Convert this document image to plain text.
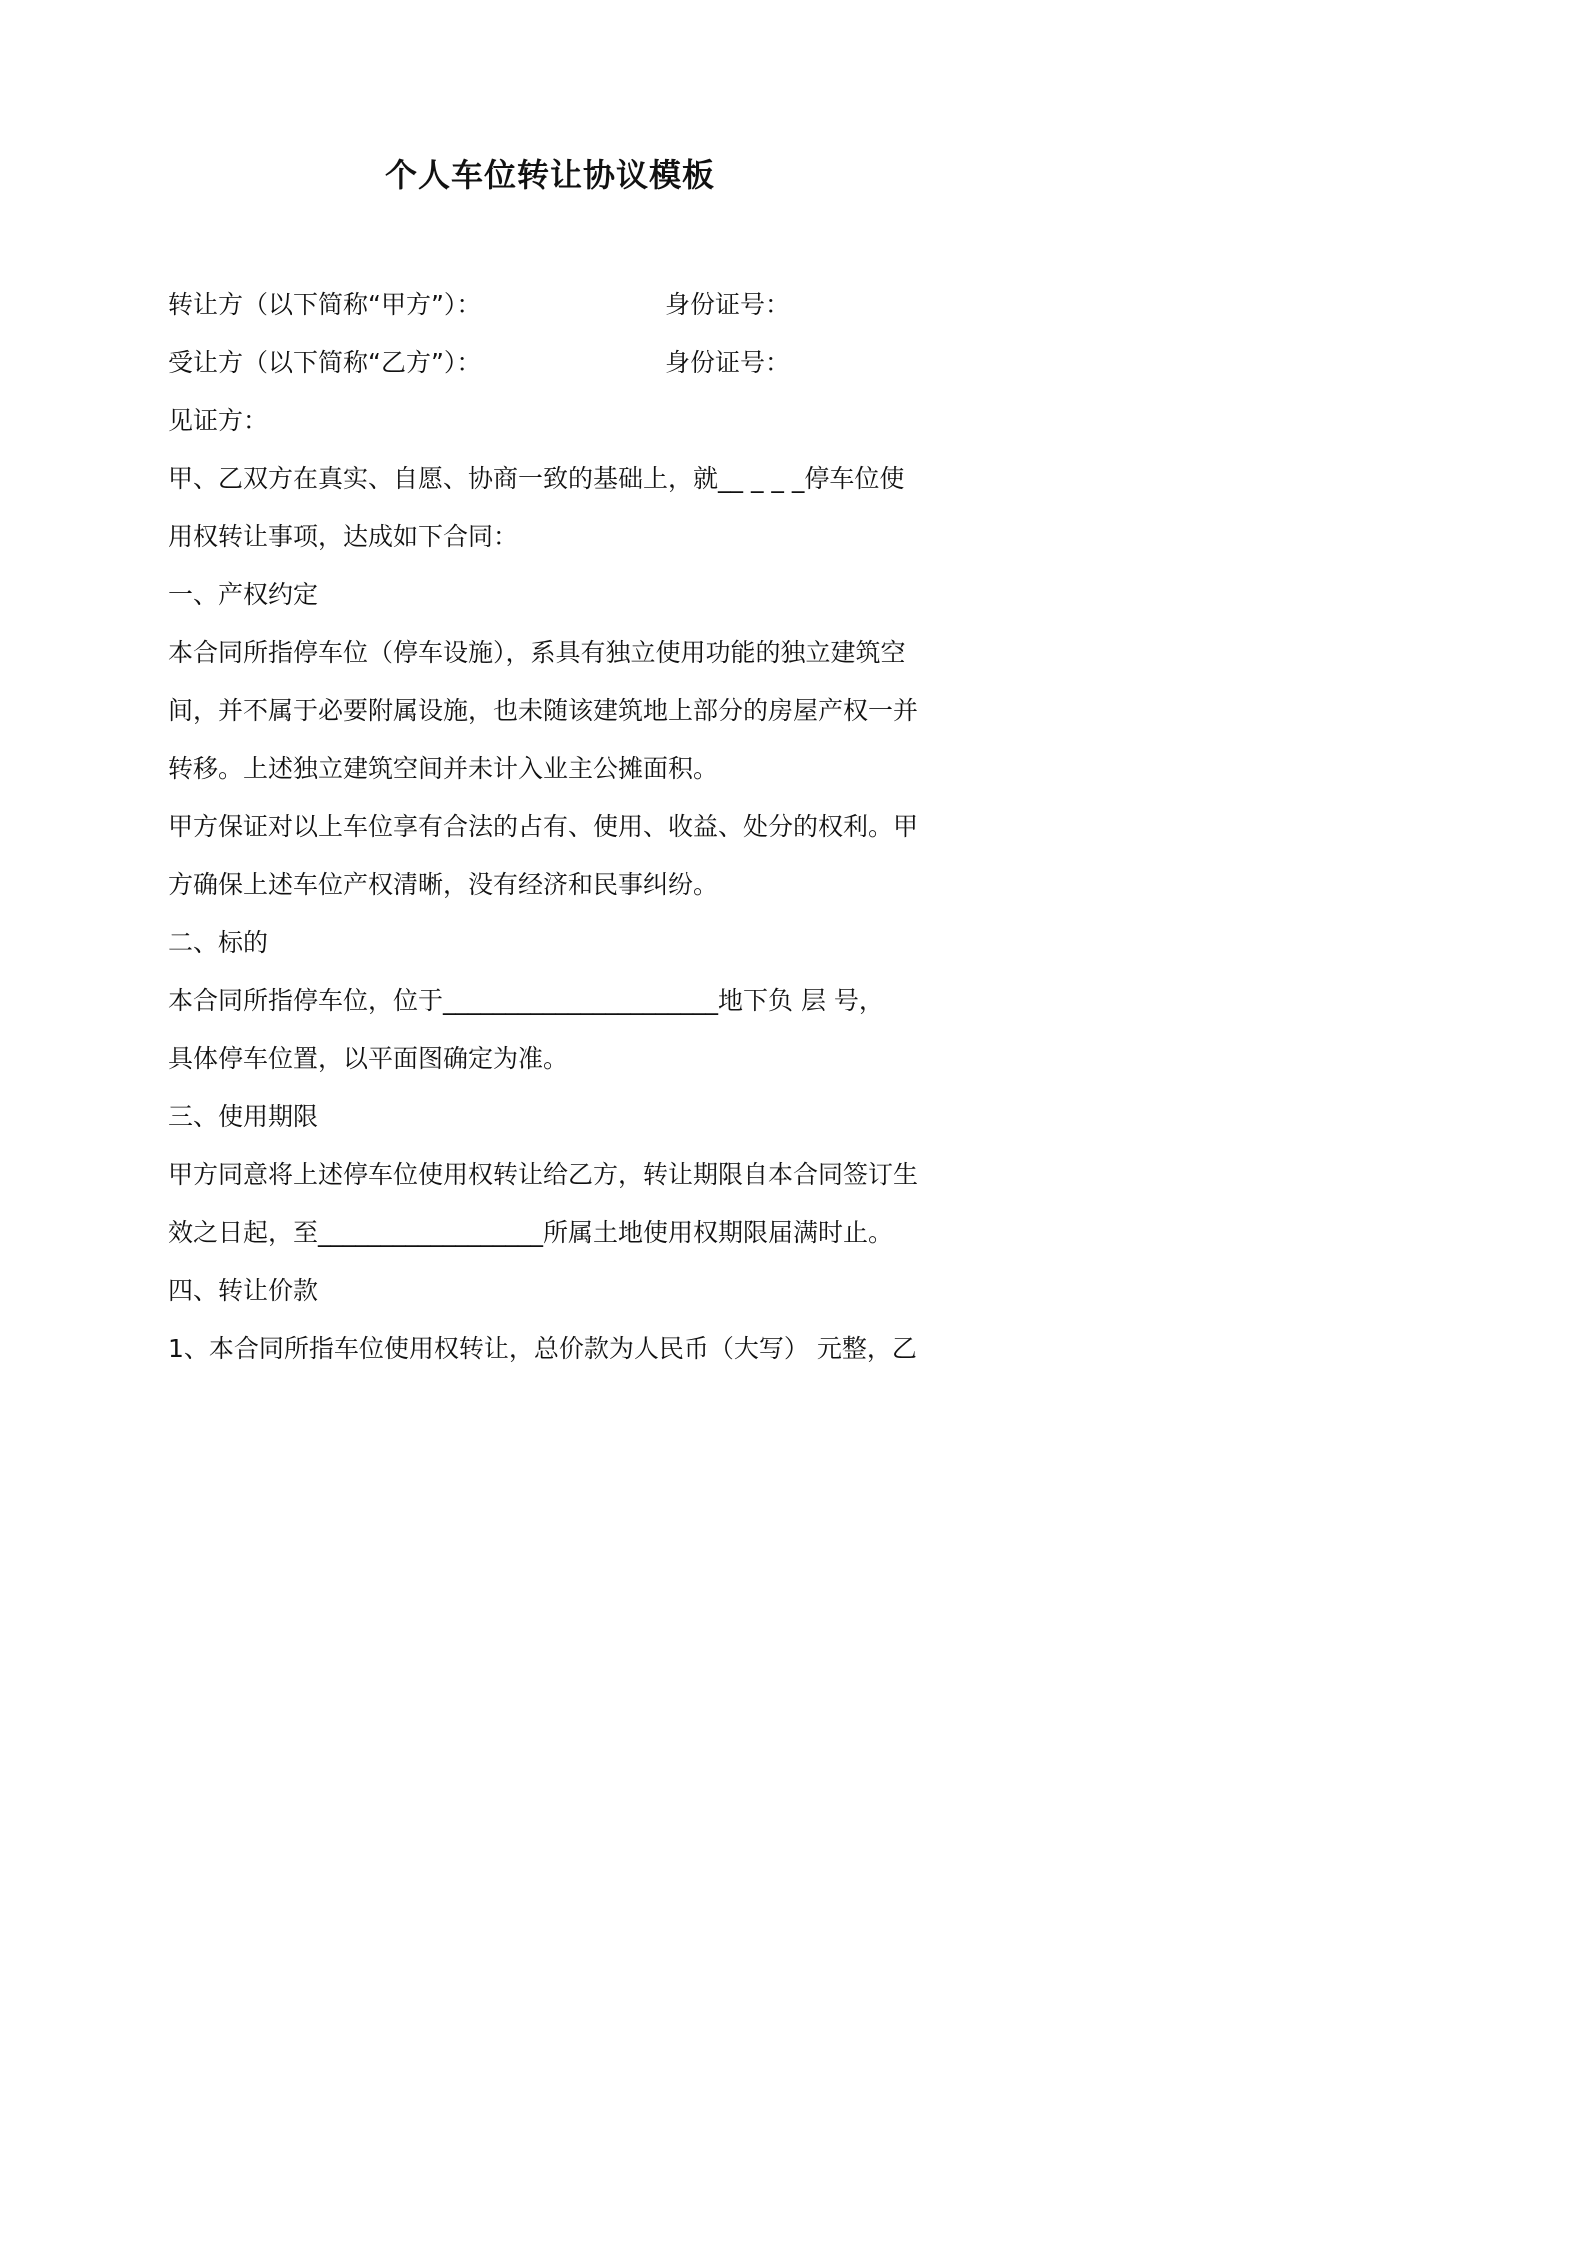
个人车位转让协议模板
转让方（以下简称“甲方”）：	身份证号：
受让方（以下简称“乙方”）：	身份证号：
见证方：
甲、乙双方在真实、自愿、协商一致的基础上，就__ _ _ _停车位使
用权转让事项，达成如下合同：
一、产权约定
本合同所指停车位（停车设施），系具有独立使用功能的独立建筑空
间，并不属于必要附属设施，也未随该建筑地上部分的房屋产权一并
转移。上述独立建筑空间并未计入业主公摊面积。
甲方保证对以上车位享有合法的占有、使用、收益、处分的权利。甲
方确保上述车位产权清晰，没有经济和民事纠纷。
二、标的
本合同所指停车位，位于______________________地下负 层 号，
具体停车位置，以平面图确定为准。
三、使用期限
甲方同意将上述停车位使用权转让给乙方，转让期限自本合同签订生
效之日起，至__________________所属土地使用权期限届满时止。
四、转让价款
1、本合同所指车位使用权转让，总价款为人民币（大写） 元整，乙
